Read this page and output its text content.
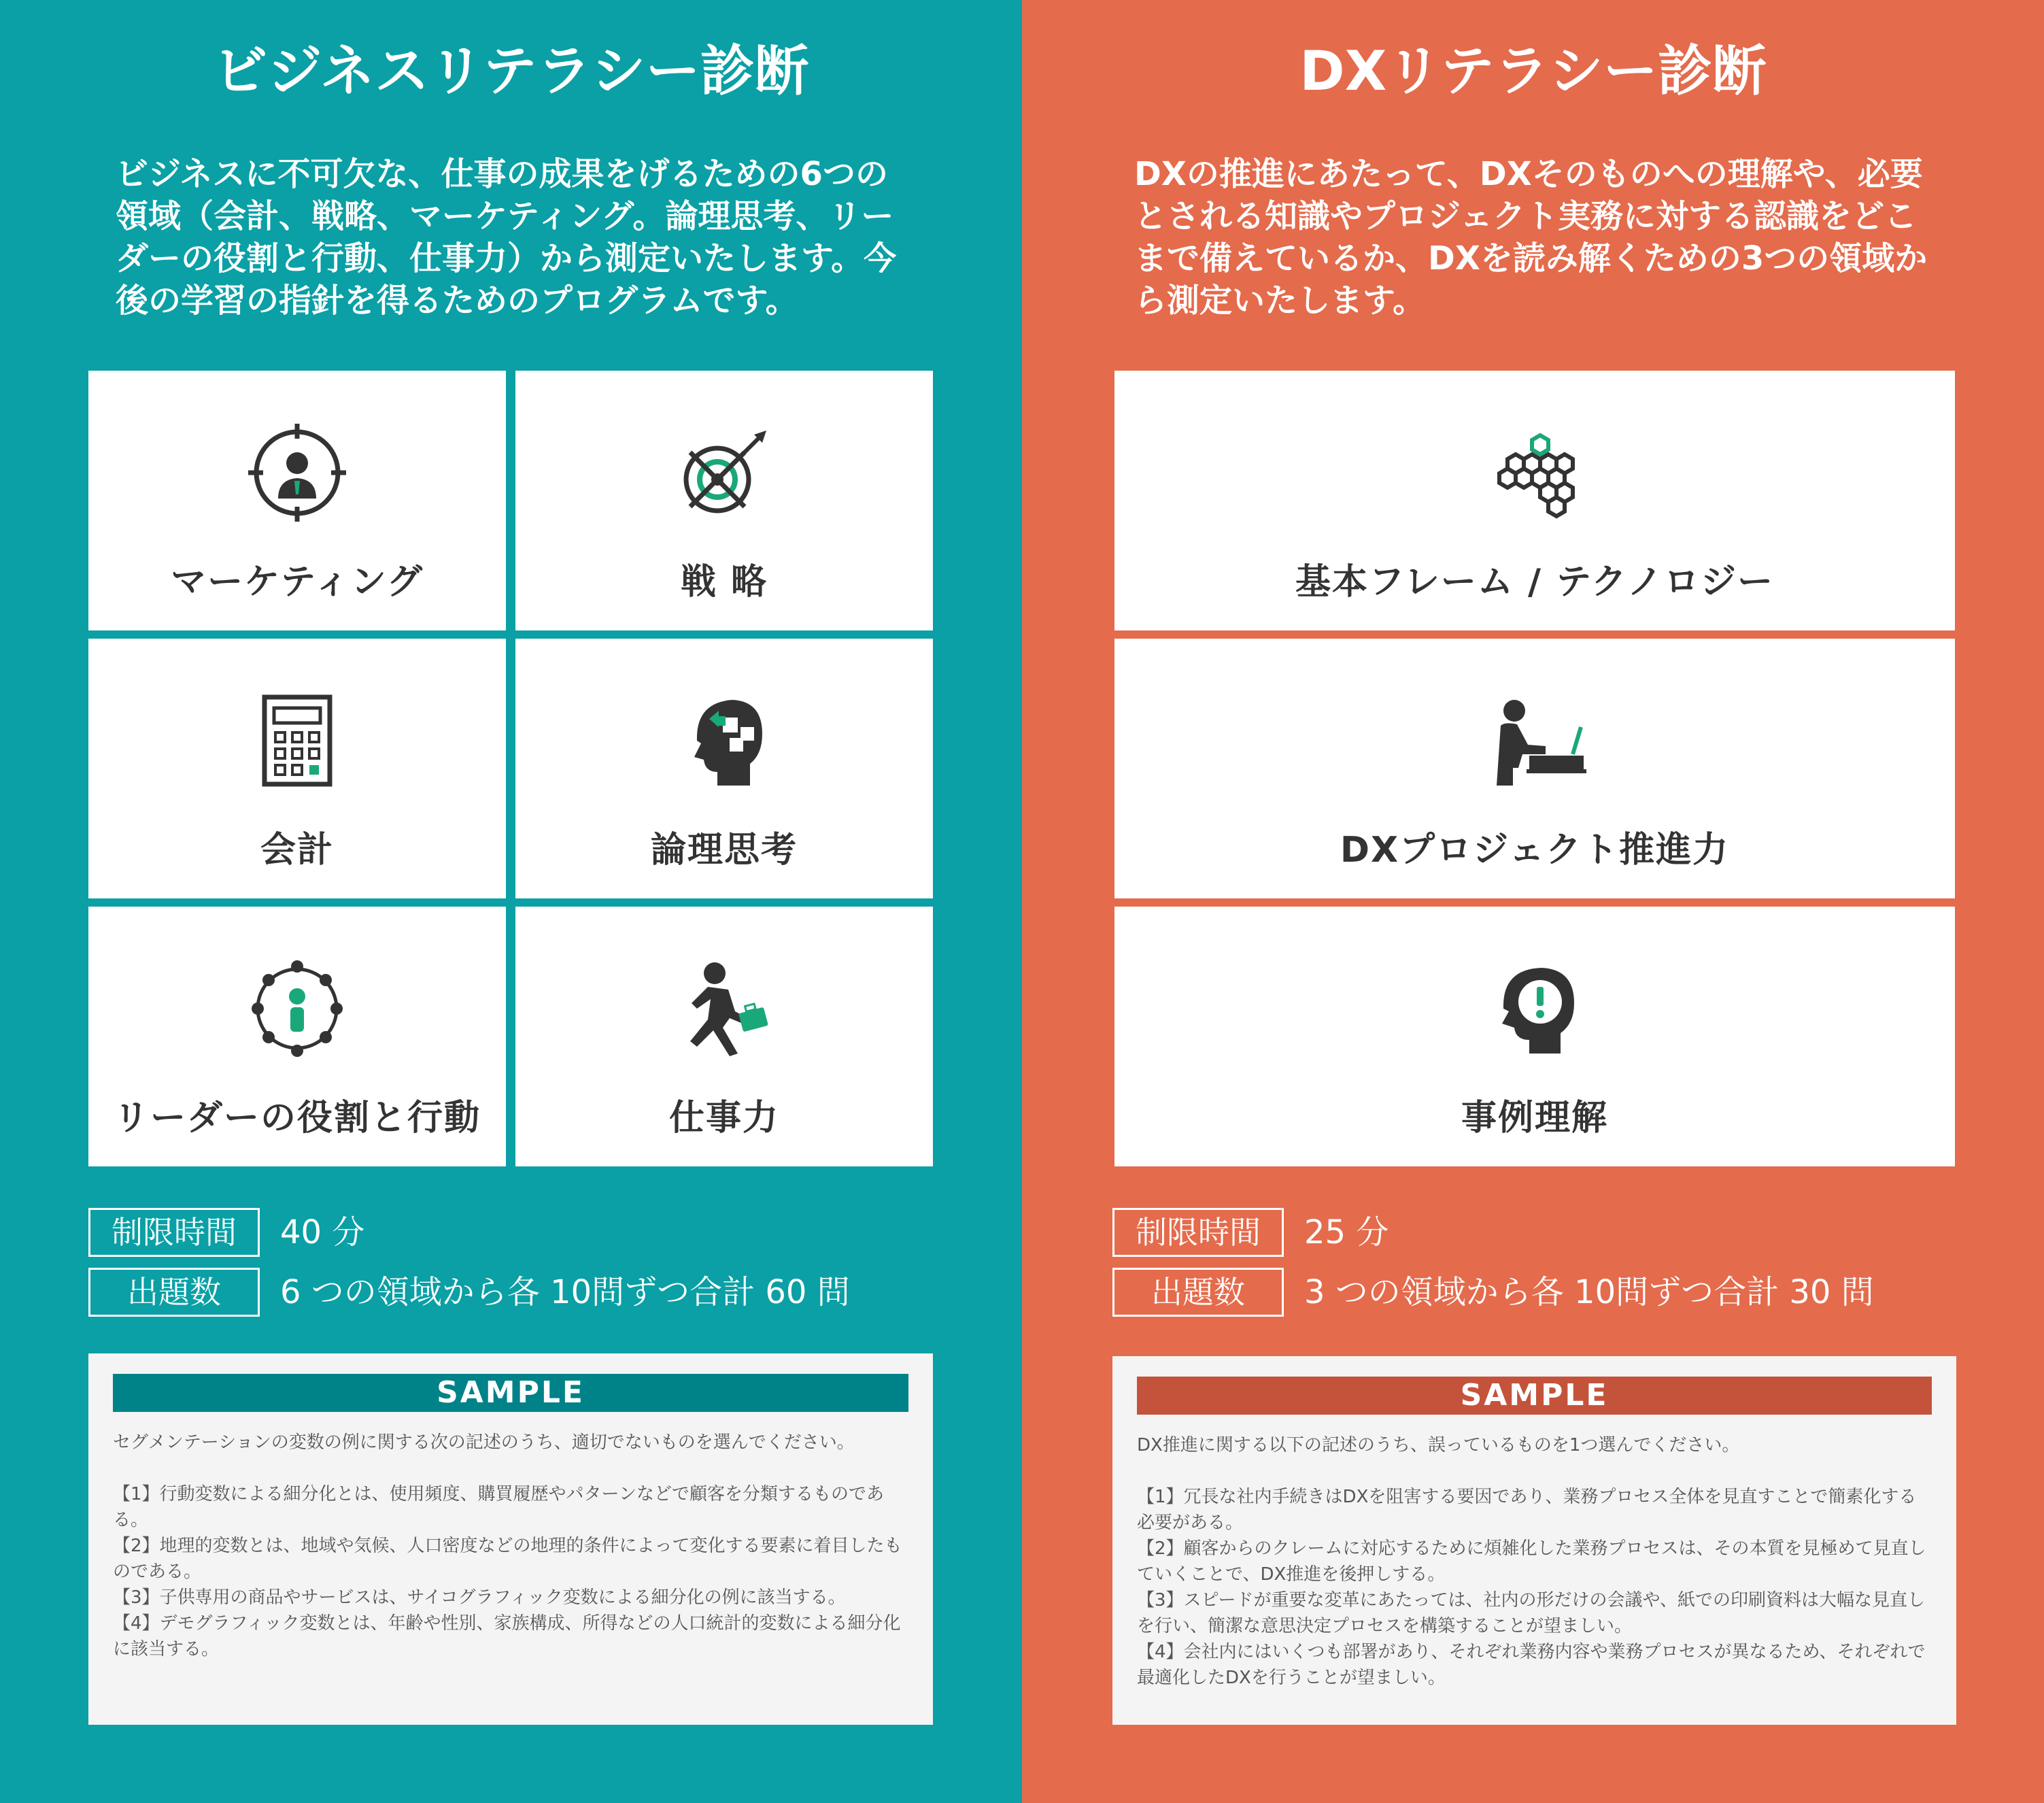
ビジネスリテラシー診断

ビジネスに不可欠な、仕事の成果をげるための6つの領域（会計、戦略、マーケティング。論理思考、リーダーの役割と行動、仕事力）から測定いたします。今後の学習の指針を得るためのプログラムです。

マーケティング	戦 略
会計	論理思考
リーダーの役割と行動	仕事力
制限時間	40 分
出題数	6 つの領域から各 10問ずつ合計 60 問
SAMPLE

セグメンテーションの変数の例に関する次の記述のうち、適切でないものを選んでください。

【1】行動変数による細分化とは、使用頻度、購買履歴やパターンなどで顧客を分類するものである。
【2】地理的変数とは、地域や気候、人口密度などの地理的条件によって変化する要素に着目したものである。
【3】子供専用の商品やサービスは、サイコグラフィック変数による細分化の例に該当する。
【4】デモグラフィック変数とは、年齢や性別、家族構成、所得などの人口統計的変数による細分化に該当する。
DXリテラシー診断

DXの推進にあたって、DXそのものへの理解や、必要とされる知識やプロジェクト実務に対する認識をどこまで備えているか、DXを読み解くための3つの領域から測定いたします。

基本フレーム / テクノロジー
DXプロジェクト推進力
事例理解
制限時間	25 分
出題数	3 つの領域から各 10問ずつ合計 30 問
SAMPLE

DX推進に関する以下の記述のうち、誤っているものを1つ選んでください。

【1】冗長な社内手続きはDXを阻害する要因であり、業務プロセス全体を見直すことで簡素化する必要がある。
【2】顧客からのクレームに対応するために煩雑化した業務プロセスは、その本質を見極めて見直していくことで、DX推進を後押しする。
【3】スピードが重要な変革にあたっては、社内の形だけの会議や、紙での印刷資料は大幅な見直しを行い、簡潔な意思決定プロセスを構築することが望ましい。
【4】会社内にはいくつも部署があり、それぞれ業務内容や業務プロセスが異なるため、それぞれで最適化したDXを行うことが望ましい。
